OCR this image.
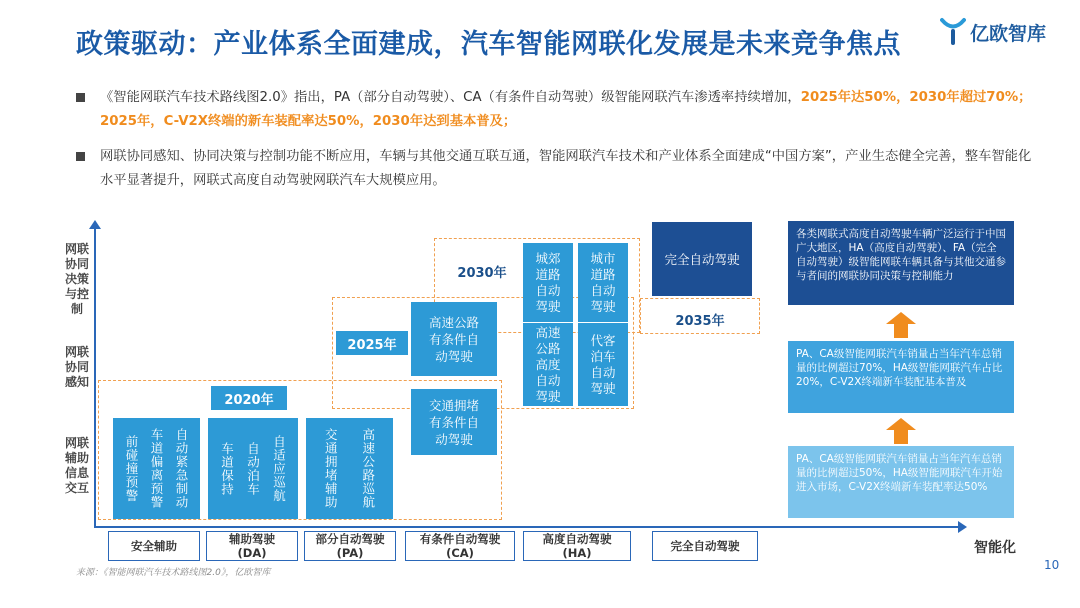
政策驱动：产业体系全面建成，汽车智能网联化发展是未来竞争焦点	亿欧智库
《智能网联汽车技术路线图2.0》指出，PA（部分自动驾驶）、CA（有条件自动驾驶）级智能网联汽车渗透率持续增加，2025年达50%，2030年超过70%；2025年，C-V2X终端的新车装配率达50%，2030年达到基本普及；
网联协同感知、协同决策与控制功能不断应用，车辆与其他交通互联互通，智能网联汽车技术和产业体系全面建成“中国方案”，产业生态健全完善，整车智能化水平显著提升，网联式高度自动驾驶网联汽车大规模应用。
智能化
网联协同决策与控制
网联协同感知
网联辅助信息交互
2020年
2025年
2030年
2035年
前碰撞预警 车道偏离预警 自动紧急制动 车道保持 自动泊车 自适应巡航	交通拥堵辅助 高速公路巡航
交通拥堵有条件自动驾驶
高速公路有条件自动驾驶
城郊道路自动驾驶
高速公路高度自动驾驶
城市道路自动驾驶
代客泊车自动驾驶
完全自动驾驶
安全辅助	辅助驾驶
(DA)
部分自动驾驶
(PA)
有条件自动驾驶
(CA)
高度自动驾驶
(HA)	完全自动驾驶
各类网联式高度自动驾驶车辆广泛运行于中国广大地区，HA（高度自动驾驶）、FA（完全自动驾驶）级智能网联车辆具备与其他交通参与者间的网联协同决策与控制能力
PA、CA级智能网联汽车销量占当年汽车总销量的比例超过70%，HA级智能网联汽车占比20%，C-V2X终端新车装配基本普及
PA、CA级智能网联汽车销量占当年汽车总销量的比例超过50%，HA级智能网联汽车开始进入市场，C-V2X终端新车装配率达50%
来源：《智能网联汽车技术路线图2.0》，亿欧智库
10
